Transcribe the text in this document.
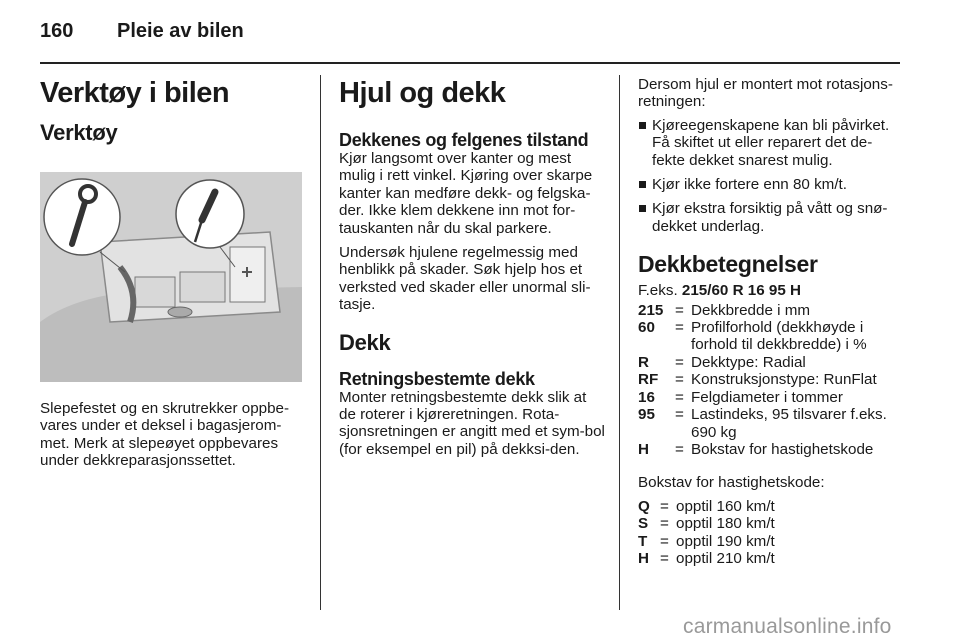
160 Pleie av bilen
Verktøy i bilen
Verktøy

Slepefestet og en skrutrekker oppbe-vares under et deksel i bagasjerom-met. Merk at slepeøyet oppbevares under dekkreparasjonssettet.

Hjul og dekk
Dekkenes og felgenes tilstand

Kjør langsomt over kanter og mest mulig i rett vinkel. Kjøring over skarpe kanter kan medføre dekk- og felgska-der. Ikke klem dekkene inn mot for-tauskanten når du skal parkere.

Undersøk hjulene regelmessig med henblikk på skader. Søk hjelp hos et verksted ved skader eller unormal sli-tasje.

Dekk
Retningsbestemte dekk

Monter retningsbestemte dekk slik at de roterer i kjøreretningen. Rota-sjonsretningen er angitt med et sym-bol (for eksempel en pil) på dekksi-den.

Dersom hjul er montert mot rotasjons-retningen:

Kjøreegenskapene kan bli påvirket. Få skiftet ut eller reparert det de-fekte dekket snarest mulig.
Kjør ikke fortere enn 80 km/t.
Kjør ekstra forsiktig på vått og snø-dekket underlag.
Dekkbetegnelser

F.eks. 215/60 R 16 95 H

215	=	Dekkbredde i mm
60	=	Profilforhold (dekkhøyde i forhold til dekkbredde) i %
R	=	Dekktype: Radial
RF	=	Konstruksjonstype: RunFlat
16	=	Felgdiameter i tommer
95	=	Lastindeks, 95 tilsvarer f.eks. 690 kg
H	=	Bokstav for hastighetskode

Bokstav for hastighetskode:

Q	=	opptil 160 km/t
S	=	opptil 180 km/t
T	=	opptil 190 km/t
H	=	opptil 210 km/t
carmanualsonline.info
